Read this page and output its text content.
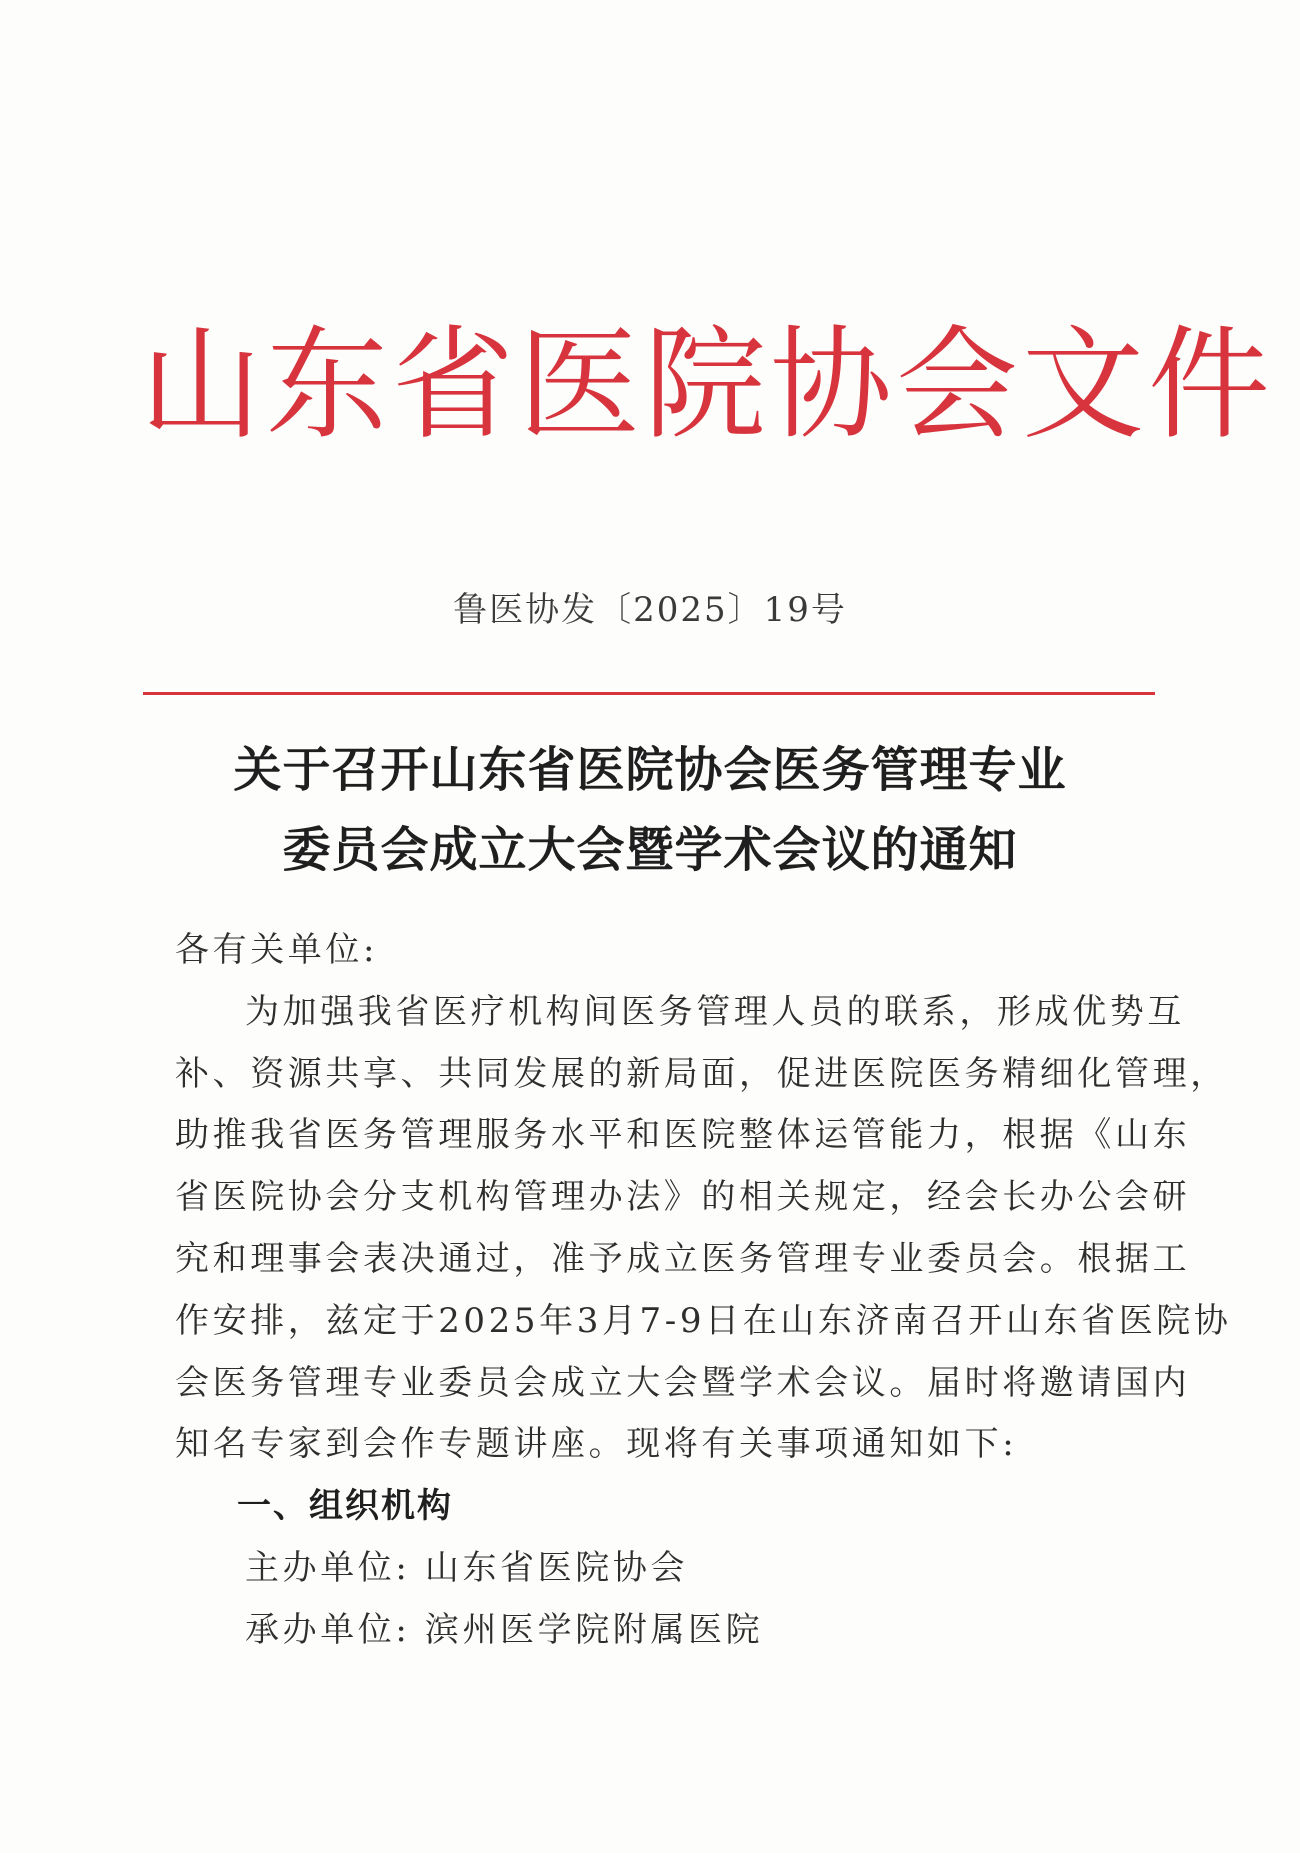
山东省医院协会文件
鲁医协发〔2025〕19号
关于召开山东省医院协会医务管理专业
委员会成立大会暨学术会议的通知
各有关单位:
为加强我省医疗机构间医务管理人员的联系，形成优势互
补、资源共享、共同发展的新局面，促进医院医务精细化管理，
助推我省医务管理服务水平和医院整体运管能力，根据《山东
省医院协会分支机构管理办法》的相关规定，经会长办公会研
究和理事会表决通过，准予成立医务管理专业委员会。根据工
作安排，兹定于2025年3月7-9日在山东济南召开山东省医院协
会医务管理专业委员会成立大会暨学术会议。届时将邀请国内
知名专家到会作专题讲座。现将有关事项通知如下:
一、组织机构
主办单位: 山东省医院协会
承办单位: 滨州医学院附属医院
